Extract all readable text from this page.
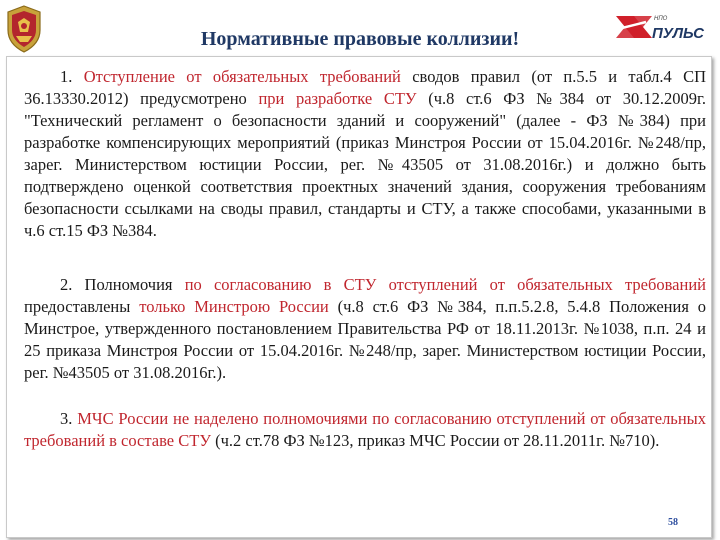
Нормативные правовые коллизии!
НПО
ПУЛЬС

1. Отступление от обязательных требований сводов правил (от п.5.5 и табл.4 СП 36.13330.2012) предусмотрено при разработке СТУ (ч.8 ст.6 ФЗ №384 от 30.12.2009г. "Технический регламент о безопасности зданий и сооружений" (далее - ФЗ №384) при разработке компенсирующих мероприятий (приказ Минстроя России от 15.04.2016г. №248/пр, зарег. Министерством юстиции России, рег. №43505 от 31.08.2016г.) и должно быть подтверждено оценкой соответствия проектных значений здания, сооружения требованиям безопасности ссылками на своды правил, стандарты и СТУ, а также способами, указанными в ч.6 ст.15 ФЗ №384.

2. Полномочия по согласованию в СТУ отступлений от обязательных требований предоставлены только Минстрою России (ч.8 ст.6 ФЗ №384, п.п.5.2.8, 5.4.8 Положения о Минстрое, утвержденного постановлением Правительства РФ от 18.11.2013г. №1038, п.п. 24 и 25 приказа Минстроя России от 15.04.2016г. №248/пр, зарег. Министерством юстиции России, рег. №43505 от 31.08.2016г.).

3. МЧС России не наделено полномочиями по согласованию отступлений от обязательных требований в составе СТУ (ч.2 ст.78 ФЗ №123, приказ МЧС России от 28.11.2011г. №710).

58
